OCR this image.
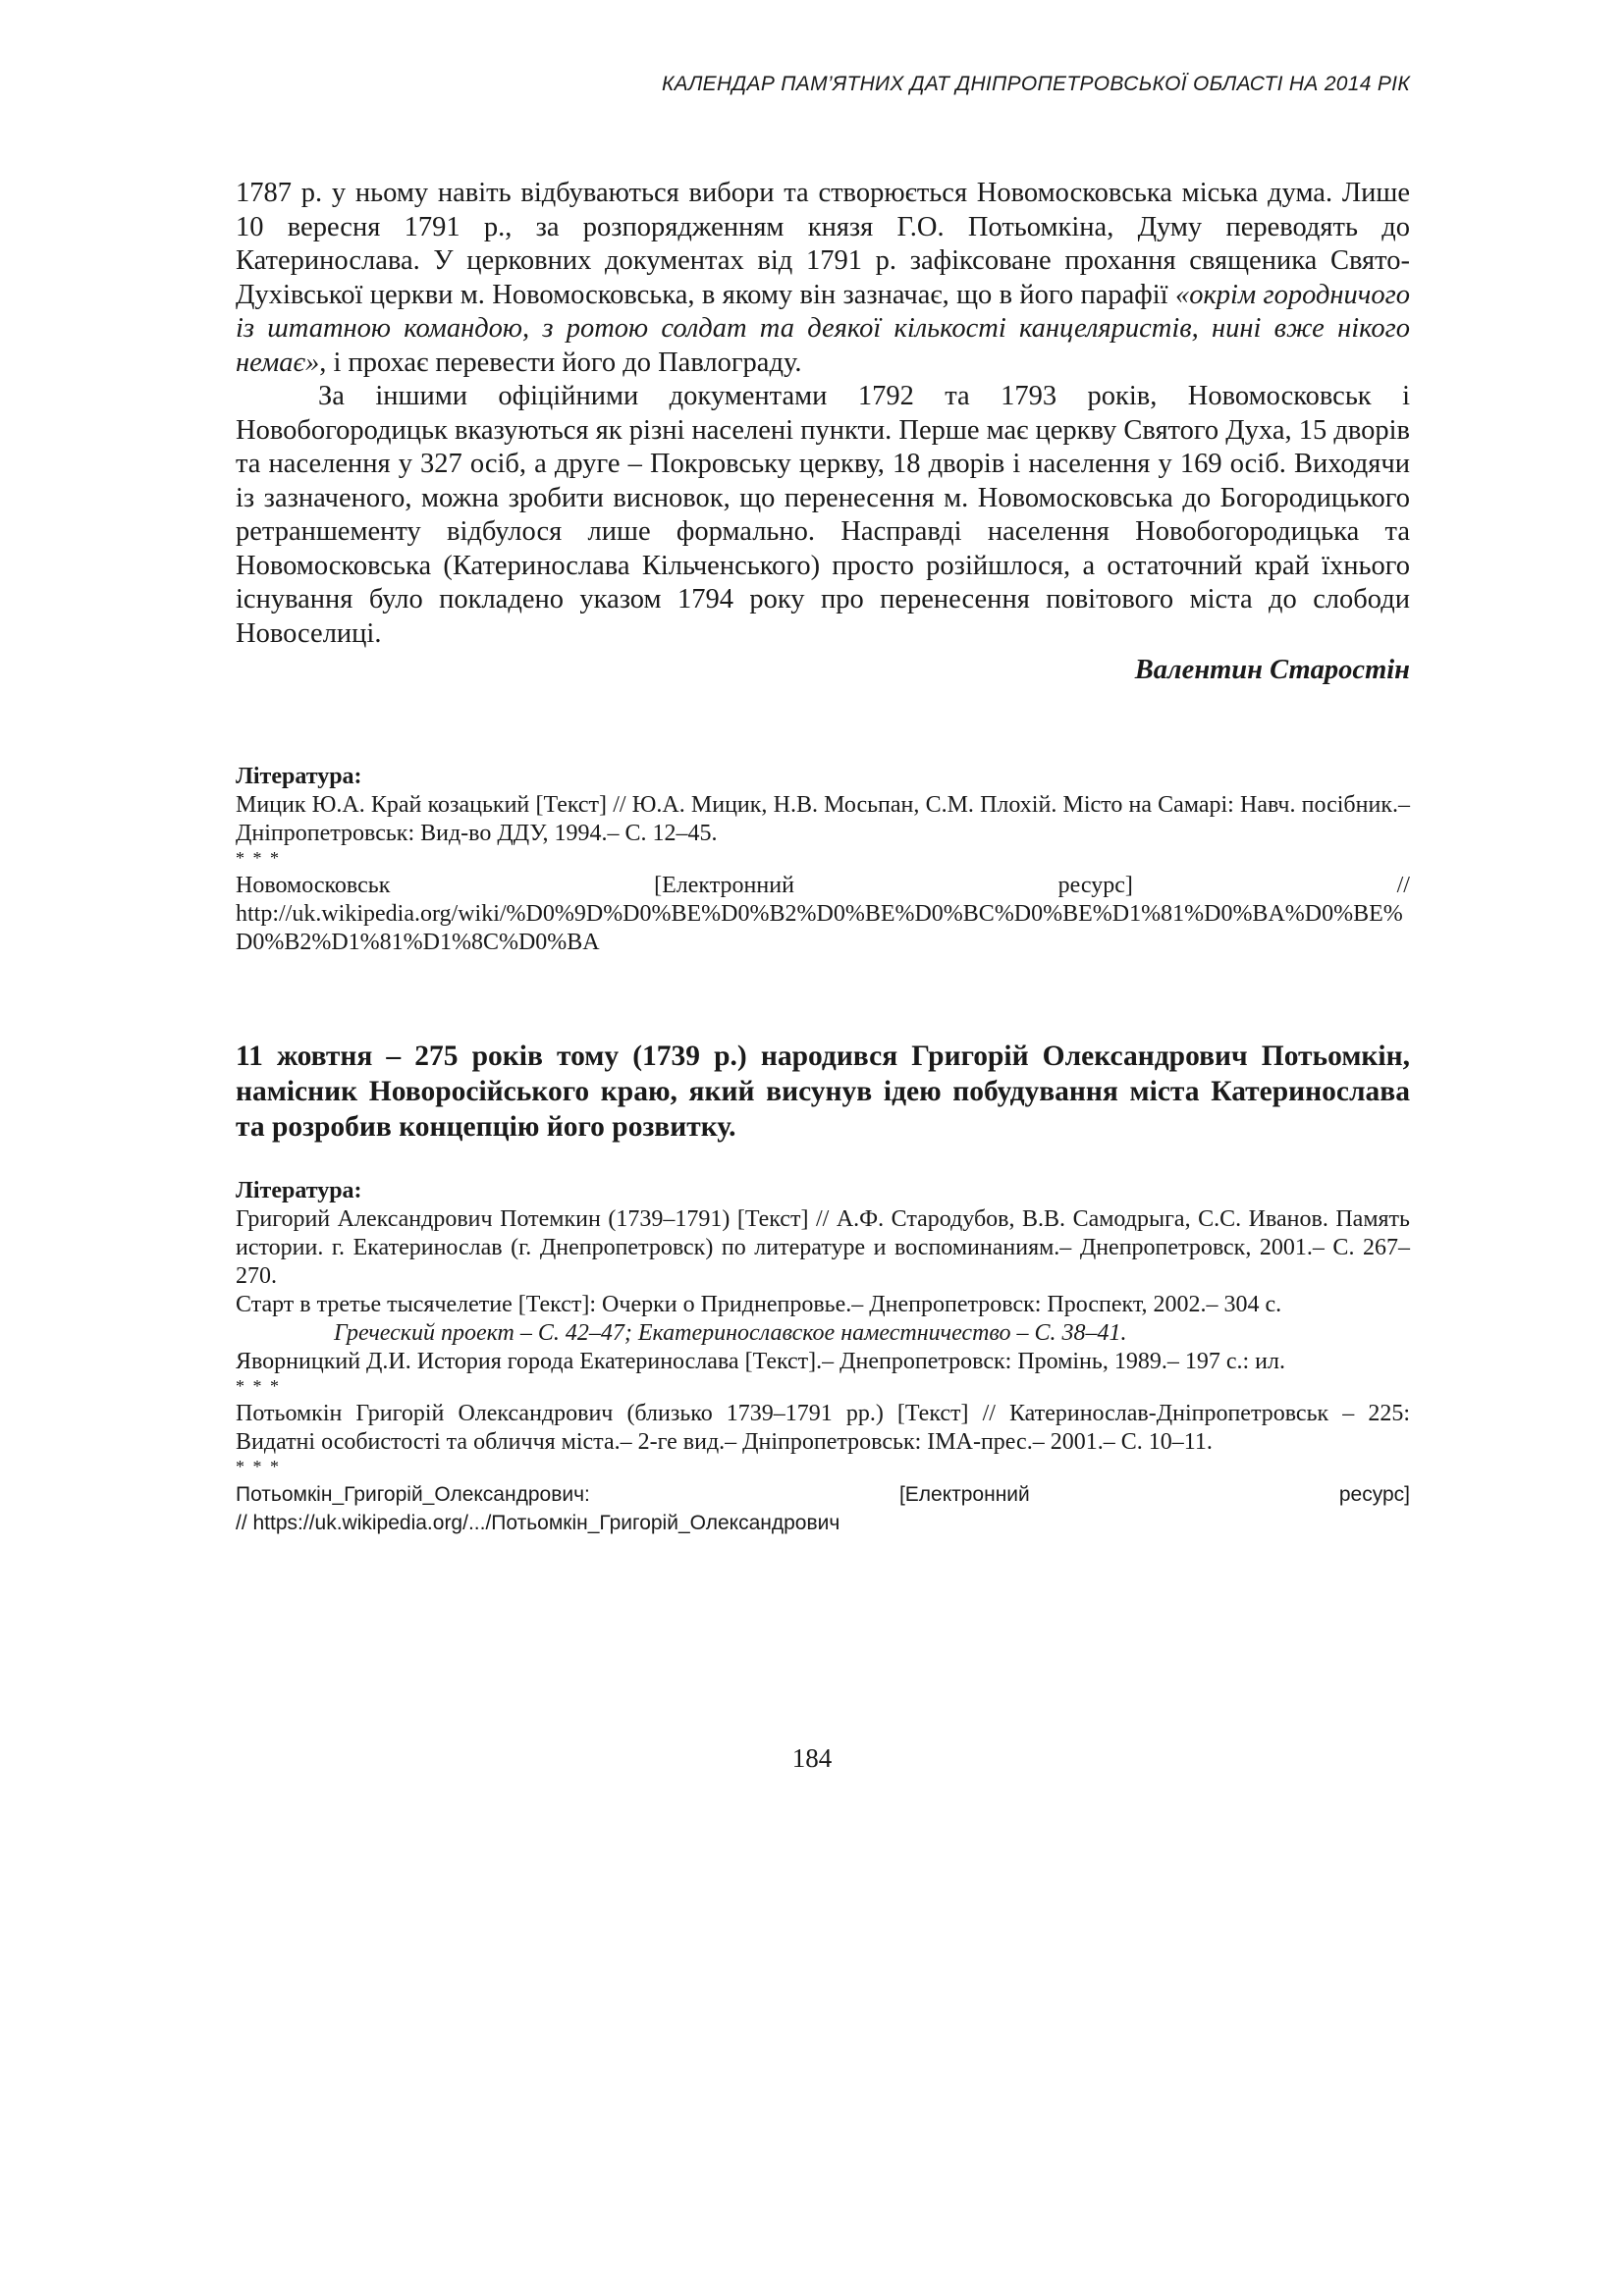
КАЛЕНДАР ПАМ’ЯТНИХ ДАТ ДНІПРОПЕТРОВСЬКОЇ ОБЛАСТІ НА 2014 РІК

1787 р. у ньому навіть відбуваються вибори та створюється Новомосковська міська дума. Лише 10 вересня 1791 р., за розпорядженням князя Г.О. Потьомкіна, Думу переводять до Катеринослава. У церковних документах від 1791 р. зафіксоване прохання священика Свято-Духівської церкви м. Новомосковська, в якому він зазначає, що в його парафії «окрім городничого із штатною командою, з ротою солдат та деякої кількості канцеляристів, нині вже нікого немає», і прохає перевести його до Павлограду.

За іншими офіційними документами 1792 та 1793 років, Новомосковськ і Новобогородицьк вказуються як різні населені пункти. Перше має церкву Святого Духа, 15 дворів та населення у 327 осіб, а друге – Покровську церкву, 18 дворів і населення у 169 осіб. Виходячи із зазначеного, можна зробити висновок, що перенесення м. Новомосковська до Богородицького ретраншементу відбулося лише формально. Насправді населення Новобогородицька та Новомосковська (Катеринослава Кільченського) просто розійшлося, а остаточний край їхнього існування було покладено указом 1794 року про перенесення повітового міста до слободи Новоселиці.

Валентин Старостін

Література:

Мицик Ю.А. Край козацький [Текст] // Ю.А. Мицик, Н.В. Мосьпан, С.М. Плохій. Місто на Самарі: Навч. посібник.– Дніпропетровськ: Вид-во ДДУ, 1994.– С. 12–45.

* * *

Новомосковськ	[Електронний	ресурс]	//

http://uk.wikipedia.org/wiki/%D0%9D%D0%BE%D0%B2%D0%BE%D0%BC%D0%BE%D1%81%D0%BA%D0%BE%D0%B2%D1%81%D1%8C%D0%BA

11 жовтня – 275 років тому (1739 р.) народився Григорій Олександрович Потьомкін, намісник Новоросійського краю, який висунув ідею побудування міста Катеринослава та розробив концепцію його розвитку.

Література:

Григорий Александрович Потемкин (1739–1791) [Текст] // А.Ф. Стародубов, В.В. Самодрыга, С.С. Иванов. Память истории. г. Екатеринослав (г. Днепропетровск) по литературе и воспоминаниям.– Днепропетровск, 2001.– С. 267–270.

Старт в третье тысячелетие [Текст]: Очерки о Приднепровье.– Днепропетровск: Проспект, 2002.– 304 с.

Греческий проект – С. 42–47; Екатеринославское наместничество – С. 38–41.

Яворницкий Д.И. История города Екатеринослава [Текст].– Днепропетровск: Промінь, 1989.– 197 с.: ил.

* * *

Потьомкін Григорій Олександрович (близько 1739–1791 рр.) [Текст] // Катеринослав-Дніпропетровськ – 225: Видатні особистості та обличчя міста.– 2-ге вид.– Дніпропетровськ: ІМА-прес.– 2001.– С. 10–11.

* * *

Потьомкін_Григорій_Олександрович:	[Електронний	ресурс]

// https://uk.wikipedia.org/.../Потьомкін_Григорій_Олександрович

184
